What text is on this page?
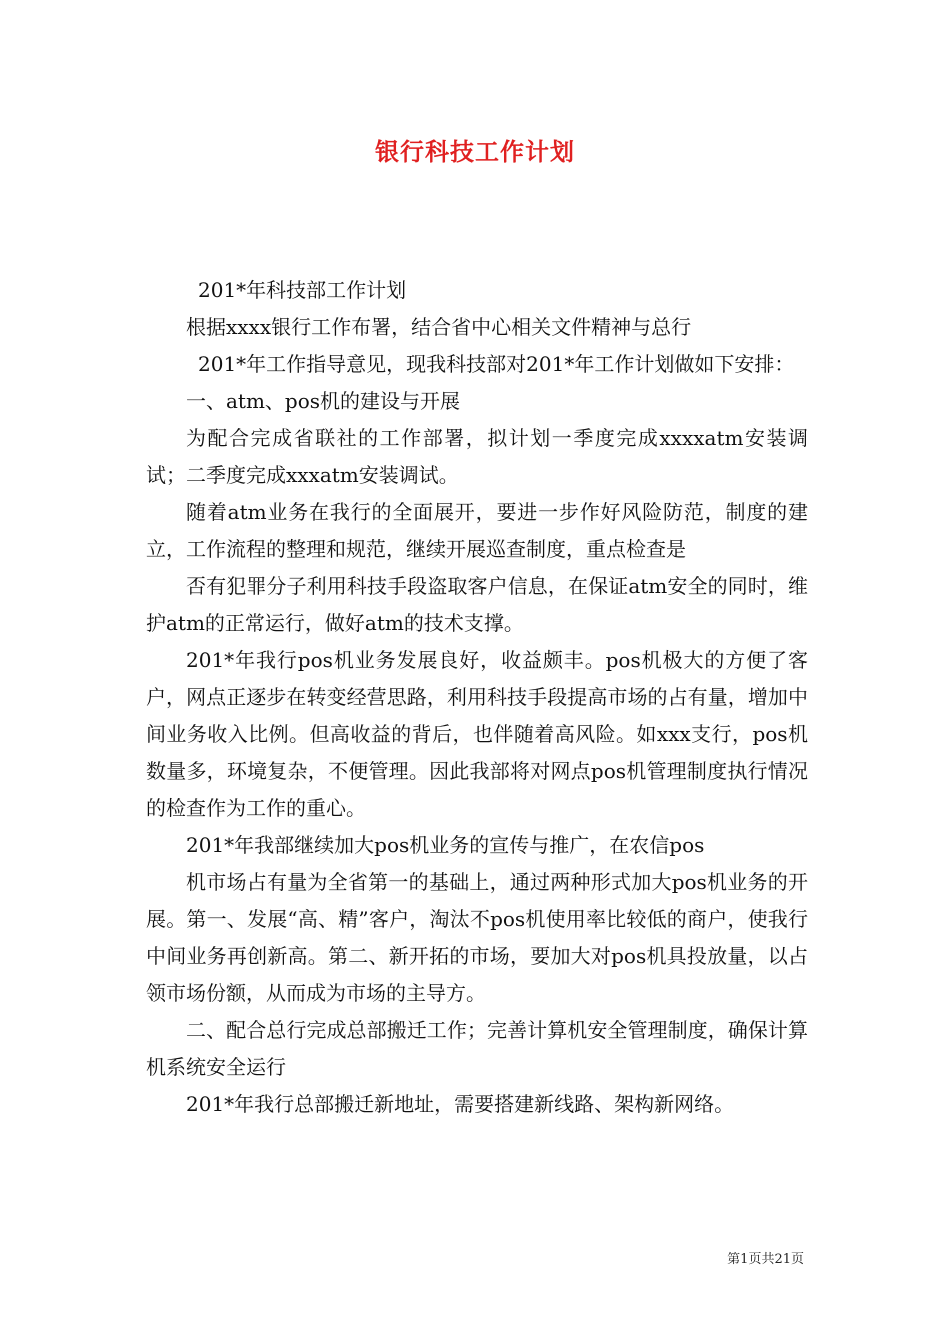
银行科技工作计划

201*年科技部工作计划

根据xxxx银行工作布署，结合省中心相关文件精神与总行

201*年工作指导意见，现我科技部对201*年工作计划做如下安排：

一、atm、pos机的建设与开展

为配合完成省联社的工作部署，拟计划一季度完成xxxxatm安装调试；二季度完成xxxatm安装调试。

随着atm业务在我行的全面展开，要进一步作好风险防范，制度的建立，工作流程的整理和规范，继续开展巡查制度，重点检查是

否有犯罪分子利用科技手段盗取客户信息，在保证atm安全的同时，维护atm的正常运行，做好atm的技术支撑。

201*年我行pos机业务发展良好，收益颇丰。pos机极大的方便了客户，网点正逐步在转变经营思路，利用科技手段提高市场的占有量，增加中间业务收入比例。但高收益的背后，也伴随着高风险。如xxx支行，pos机数量多，环境复杂，不便管理。因此我部将对网点pos机管理制度执行情况的检查作为工作的重心。

201*年我部继续加大pos机业务的宣传与推广，在农信pos

机市场占有量为全省第一的基础上，通过两种形式加大pos机业务的开展。第一、发展“高、精”客户，淘汰不pos机使用率比较低的商户，使我行中间业务再创新高。第二、新开拓的市场，要加大对pos机具投放量，以占领市场份额，从而成为市场的主导方。

二、配合总行完成总部搬迁工作；完善计算机安全管理制度，确保计算机系统安全运行

201*年我行总部搬迁新地址，需要搭建新线路、架构新网络。

第1页共21页
